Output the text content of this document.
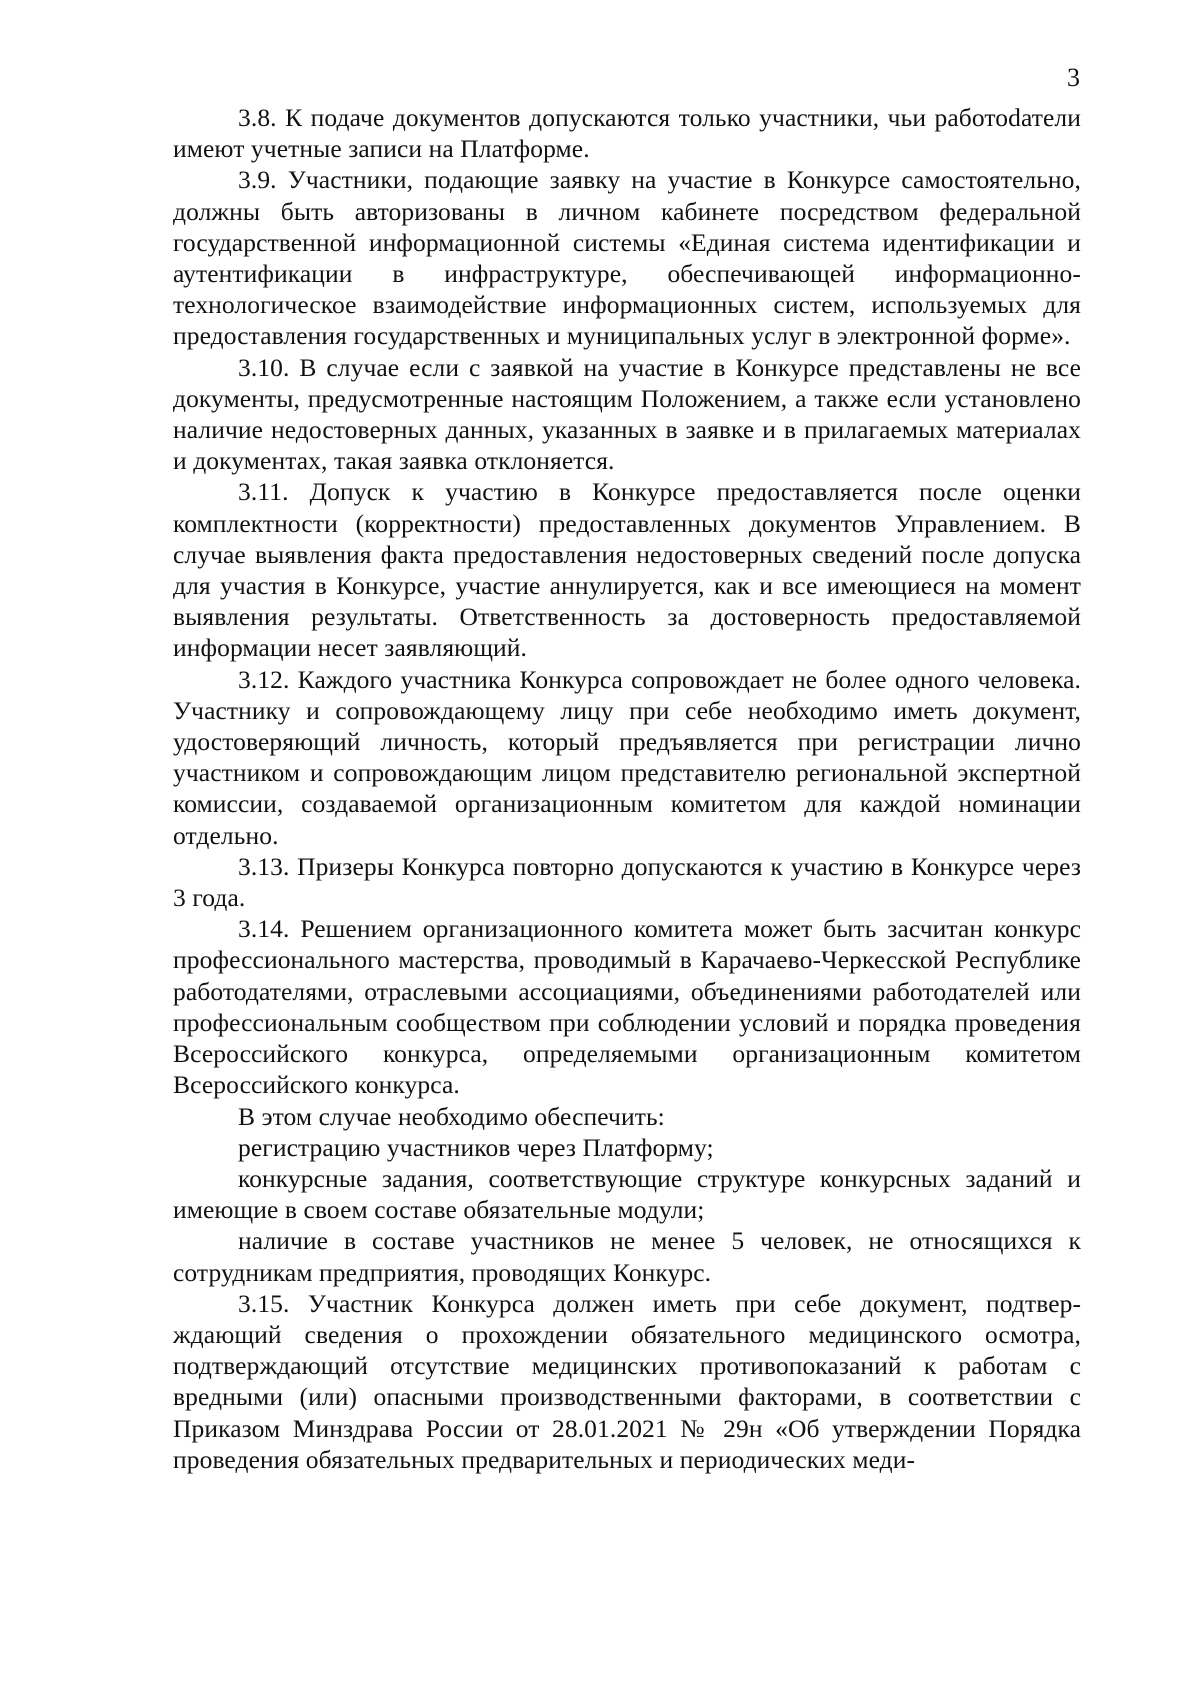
3

3.8. К подаче документов допускаются только участники, чьи работоdатели имеют учетные записи на Платформе.

3.9. Участники, подающие заявку на участие в Конкурсе самостоятельно, должны быть авторизованы в личном кабинете посредством федеральной государственной информационной системы «Единая система идентификации и аутентификации в инфраструктуре, обеспечивающей информационно-технологическое взаимодействие информационных систем, используемых для предоставления государственных и муниципальных услуг в электронной форме».

3.10. В случае если с заявкой на участие в Конкурсе представлены не все документы, предусмотренные настоящим Положением, а также если установлено наличие недостоверных данных, указанных в заявке и в прилагаемых материалах и документах, такая заявка отклоняется.

3.11. Допуск к участию в Конкурсе предоставляется после оценки комплектности (корректности) предоставленных документов Управлением. В случае выявления факта предоставления недостоверных сведений после допуска для участия в Конкурсе, участие аннулируется, как и все имеющиеся на момент выявления результаты. Ответственность за достоверность предоставляемой информации несет заявляющий.

3.12. Каждого участника Конкурса сопровождает не более одного человека. Участнику и сопровождающему лицу при себе необходимо иметь документ, удостоверяющий личность, который предъявляется при регистрации лично участником и сопровождающим лицом представителю региональной экспертной комиссии, создаваемой организационным комитетом для каждой номинации отдельно.

3.13. Призеры Конкурса повторно допускаются к участию в Конкурсе через 3 года.

3.14. Решением организационного комитета может быть засчитан конкурс профессионального мастерства, проводимый в Карачаево-Черкесской Республике работодателями, отраслевыми ассоциациями, объединениями работодателей или профессиональным сообществом при соблюдении условий и порядка проведения Всероссийского конкурса, определяемыми организационным комитетом Всероссийского конкурса.

В этом случае необходимо обеспечить:

регистрацию участников через Платформу;

конкурсные задания, соответствующие структуре конкурсных заданий и имеющие в своем составе обязательные модули;

наличие в составе участников не менее 5 человек, не относящихся к сотрудникам предприятия, проводящих Конкурс.

3.15. Участник Конкурса должен иметь при себе документ, подтверждающий сведения о прохождении обязательного медицинского осмотра, подтверждающий отсутствие медицинских противопоказаний к работам с вредными (или) опасными производственными факторами, в соответствии с Приказом Минздрава России от 28.01.2021 № 29н «Об утверждении Порядка проведения обязательных предварительных и периодических меди-
